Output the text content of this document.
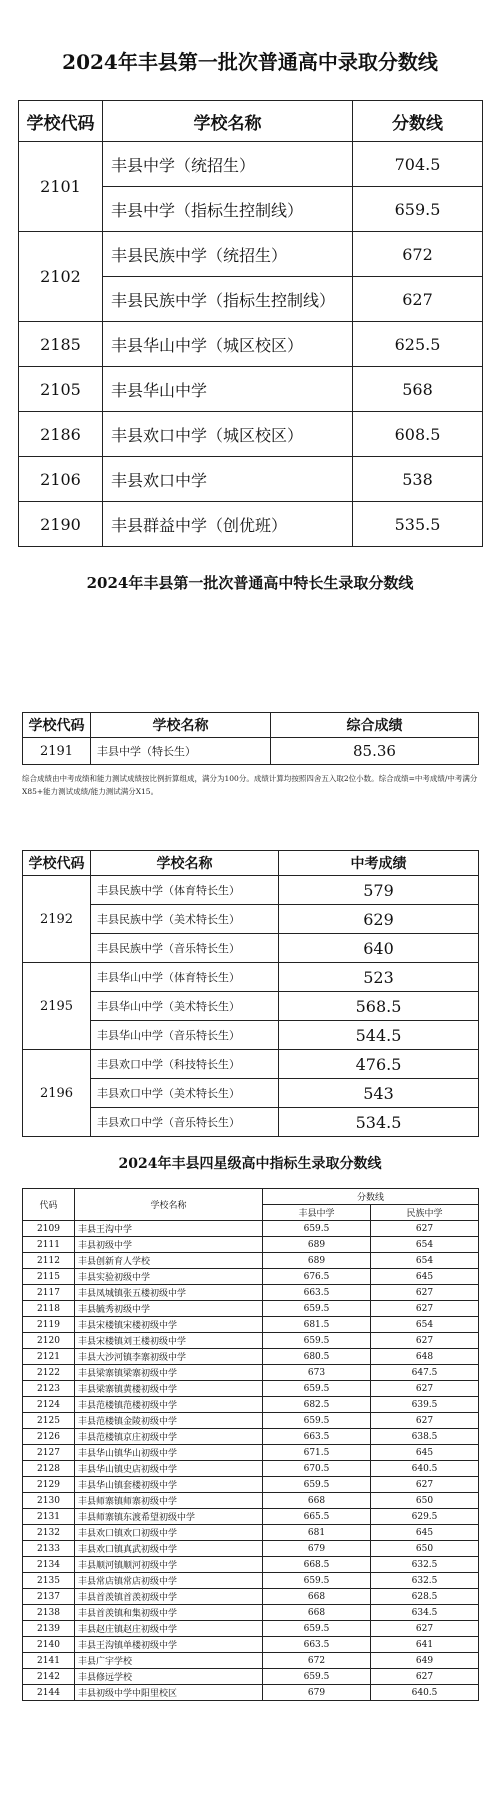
2024年丰县第一批次普通高中录取分数线
学校代码	学校名称	分数线
2101	丰县中学（统招生）	704.5
	丰县中学（指标生控制线）	659.5
2102	丰县民族中学（统招生）	672
	丰县民族中学（指标生控制线）	627
2185	丰县华山中学（城区校区）	625.5
2105	丰县华山中学	568
2186	丰县欢口中学（城区校区）	608.5
2106	丰县欢口中学	538
2190	丰县群益中学（创优班）	535.5
2024年丰县第一批次普通高中特长生录取分数线
学校代码	学校名称	综合成绩
2191	丰县中学（特长生）	85.36
综合成绩由中考成绩和能力测试成绩按比例折算组成，满分为100分。成绩计算均按照四舍五入取2位小数。综合成绩=中考成绩/中考满分X85+能力测试成绩/能力测试满分X15。
学校代码	学校名称	中考成绩
2192	丰县民族中学（体育特长生）	579
	丰县民族中学（美术特长生）	629
	丰县民族中学（音乐特长生）	640
2195	丰县华山中学（体育特长生）	523
	丰县华山中学（美术特长生）	568.5
	丰县华山中学（音乐特长生）	544.5
2196	丰县欢口中学（科技特长生）	476.5
	丰县欢口中学（美术特长生）	543
	丰县欢口中学（音乐特长生）	534.5
2024年丰县四星级高中指标生录取分数线
代码	学校名称	分数线	
		丰县中学	民族中学
2109	丰县王沟中学	659.5	627
2111	丰县初级中学	689	654
2112	丰县创新育人学校	689	654
2115	丰县实验初级中学	676.5	645
2117	丰县凤城镇张五楼初级中学	663.5	627
2118	丰县毓秀初级中学	659.5	627
2119	丰县宋楼镇宋楼初级中学	681.5	654
2120	丰县宋楼镇刘王楼初级中学	659.5	627
2121	丰县大沙河镇李寨初级中学	680.5	648
2122	丰县梁寨镇梁寨初级中学	673	647.5
2123	丰县梁寨镇黄楼初级中学	659.5	627
2124	丰县范楼镇范楼初级中学	682.5	639.5
2125	丰县范楼镇金陵初级中学	659.5	627
2126	丰县范楼镇京庄初级中学	663.5	638.5
2127	丰县华山镇华山初级中学	671.5	645
2128	丰县华山镇史店初级中学	670.5	640.5
2129	丰县华山镇套楼初级中学	659.5	627
2130	丰县师寨镇师寨初级中学	668	650
2131	丰县师寨镇东渡希望初级中学	665.5	629.5
2132	丰县欢口镇欢口初级中学	681	645
2133	丰县欢口镇真武初级中学	679	650
2134	丰县顺河镇顺河初级中学	668.5	632.5
2135	丰县常店镇常店初级中学	659.5	632.5
2137	丰县首羡镇首羡初级中学	668	628.5
2138	丰县首羡镇和集初级中学	668	634.5
2139	丰县赵庄镇赵庄初级中学	659.5	627
2140	丰县王沟镇单楼初级中学	663.5	641
2141	丰县广宇学校	672	649
2142	丰县修远学校	659.5	627
2144	丰县初级中学中阳里校区	679	640.5
